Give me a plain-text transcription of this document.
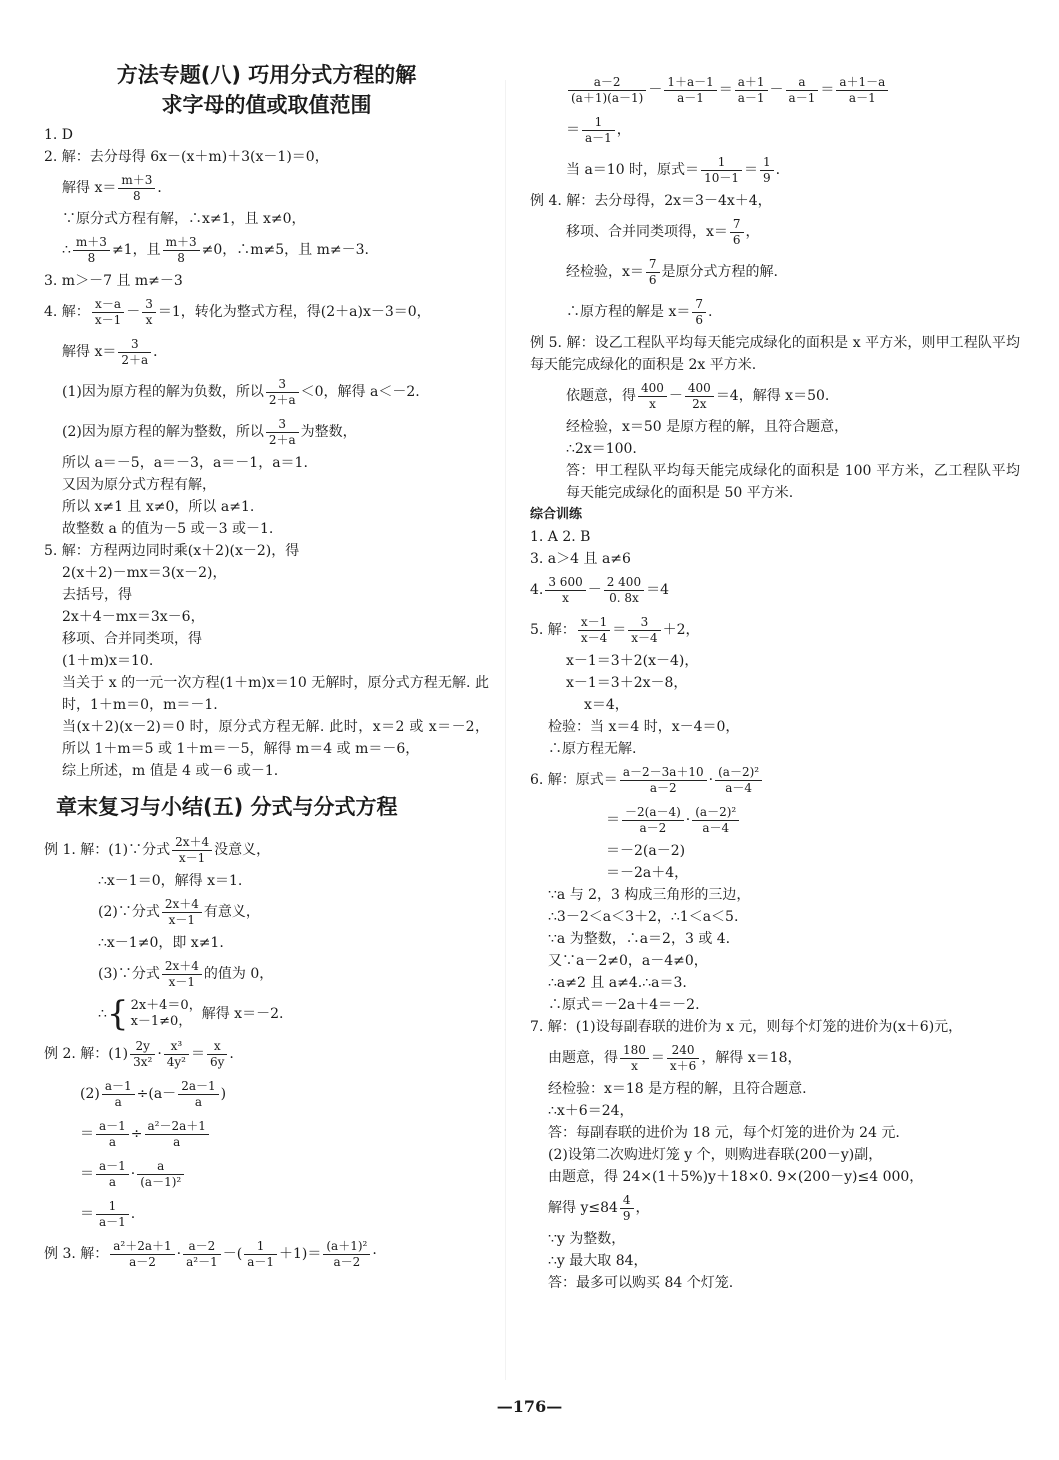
方法专题(八) 巧用分式方程的解
求字母的值或取值范围
1. D
2. 解：去分母得 6x－(x＋m)＋3(x－1)＝0，
解得 x＝
m＋3
8	．
∵原分式方程有解，∴x≠1，且 x≠0，
∴
m＋3
8	≠1，且
m＋3
8	≠0，∴m≠5，且 m≠－3.
3. m＞－7 且 m≠－3
4. 解：
x－a
x－1 －
3
x ＝1，转化为整式方程，得(2＋a)x－3＝0，
解得 x＝
3
2＋a ．
(1)因为原方程的解为负数，所以
3
2＋a ＜0，解得 a＜－2.
(2)因为原方程的解为整数，所以
3
2＋a 为整数，
所以 a＝－5，a＝－3，a＝－1，a＝1.
又因为原分式方程有解，
所以 x≠1 且 x≠0，所以 a≠1.
故整数 a 的值为－5 或－3 或－1.
5. 解：方程两边同时乘(x＋2)(x－2)，得
2(x＋2)－mx＝3(x－2)，
去括号，得
2x＋4－mx＝3x－6，
移项、合并同类项，得
(1＋m)x＝10.
当关于 x 的一元一次方程(1＋m)x＝10 无解时，原分式方程无解. 此时，1＋m＝0，m＝－1.
当(x＋2)(x－2)＝0 时，原分式方程无解. 此时，x＝2 或 x＝－2，所以 1＋m＝5 或 1＋m＝－5，解得 m＝4 或 m＝－6，
综上所述，m 值是 4 或－6 或－1.
章末复习与小结(五) 分式与分式方程
例 1. 解：(1)∵分式
2x＋4
x－1 没意义，
∴x－1＝0，解得 x＝1.
(2)∵分式
2x＋4
x－1 有意义，
∴x－1≠0，即 x≠1.
(3)∵分式
2x＋4
x－1 的值为 0，
∴ { 2x＋4＝0，
x－1≠0， 解得 x＝－2.
例 2. 解：(1)
2y
3x² ·
x³
4y² ＝
x
6y .
$(2) \frac{a-1}{a} \div(a-$
2a－1
a	)
＝ $\frac{a-1}{a} \div \frac{\text{a²－2a＋1}}{a}$
＝
a－1
a	·
a
(a－1)²
＝
1
a－1 .
例 3. 解：
a²＋2a＋1
a－2	·
a－2
a²－1 －(
1
a－1 ＋1)＝
(a＋1)²
a－2 ·
a－2
(a＋1)(a－1) －
1＋a－1
a－1	＝
a＋1
a－1 －
a
a－1 ＝
a＋1－a
a－1
＝
1
a－1 ，
当 a＝10 时，原式＝
1
10－1 ＝
1
9 .
例 4. 解：去分母得，2x＝3－4x＋4，
移项、合并同类项得，x＝
7
6 ，
经检验，x＝
7
6 是原分式方程的解.
∴原方程的解是 x＝
7
6 .
例 5. 解：设乙工程队平均每天能完成绿化的面积是 x 平方米，则甲工程队平均每天能完成绿化的面积是 2x 平方米.
依题意，得
400
x －
400
2x ＝4，解得 x＝50.
经检验，x＝50 是原方程的解，且符合题意，
∴2x＝100.
答：甲工程队平均每天能完成绿化的面积是 100 平方米，乙工程队平均每天能完成绿化的面积是 50 平方米.
综合训练
1. A 2. B
3. a＞4 且 a≠6
4.
3 600
x	－
2 400
0. 8x ＝4
5. 解：
x－1
x－4 ＝
3
x－4 ＋2，
x－1＝3＋2(x－4)，
x－1＝3＋2x－8，
x＝4，
检验：当 x＝4 时，x－4＝0，
∴原方程无解.
6. 解：原式＝
a－2－3a＋10
a－2	·
(a－2)²
a－4
＝
－2(a－4)
a－2	·
(a－2)²
a－4
＝－2(a－2)
＝－2a＋4，
∵a 与 2，3 构成三角形的三边，
∴3－2＜a＜3＋2，∴1＜a＜5.
∵a 为整数，∴a＝2，3 或 4.
又∵a－2≠0，a－4≠0，
∴a≠2 且 a≠4.∴a＝3.
∴原式＝－2a＋4＝－2.
7. 解：(1)设每副春联的进价为 x 元，则每个灯笼的进价为(x＋6)元，
由题意，得
180
x ＝
240
x＋6 ，解得 x＝18，
经检验：x＝18 是方程的解，且符合题意.
∴x＋6＝24，
答：每副春联的进价为 18 元，每个灯笼的进价为 24 元.
(2)设第二次购进灯笼 y 个，则购进春联(200－y)副，
由题意，得 24×(1＋5%)y＋18×0. 9×(200－y)≤4 000，
解得 y≤84
4
9 ，
∵y 为整数，
∴y 最大取 84，
答：最多可以购买 84 个灯笼.
—176—
